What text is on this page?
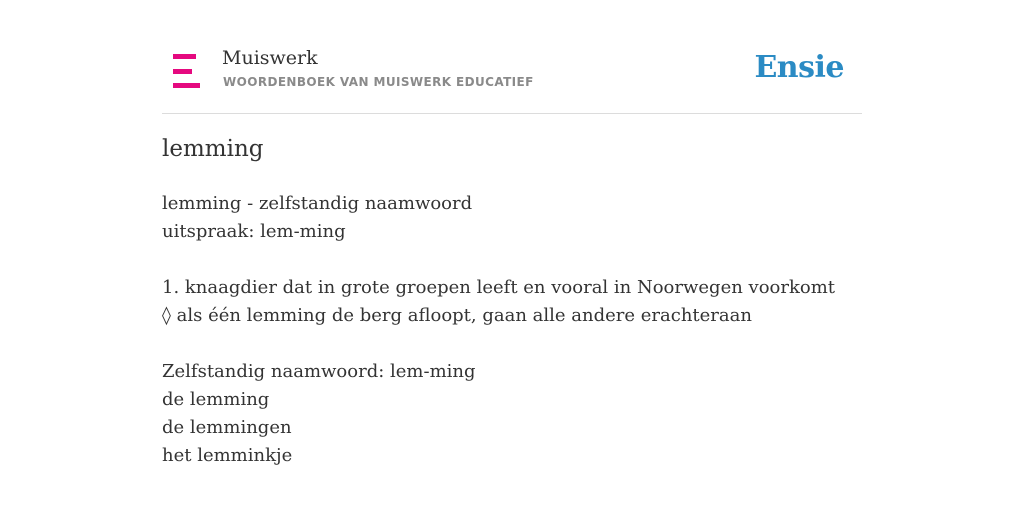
Muiswerk
WOORDENBOEK VAN MUISWERK EDUCATIEF	Ensie
lemming
lemming - zelfstandig naamwoord
uitspraak: lem-ming
1. knaagdier dat in grote groepen leeft en vooral in Noorwegen voorkomt
◊ als één lemming de berg afloopt, gaan alle andere erachteraan
Zelfstandig naamwoord: lem-ming
de lemming
de lemmingen
het lemminkje
